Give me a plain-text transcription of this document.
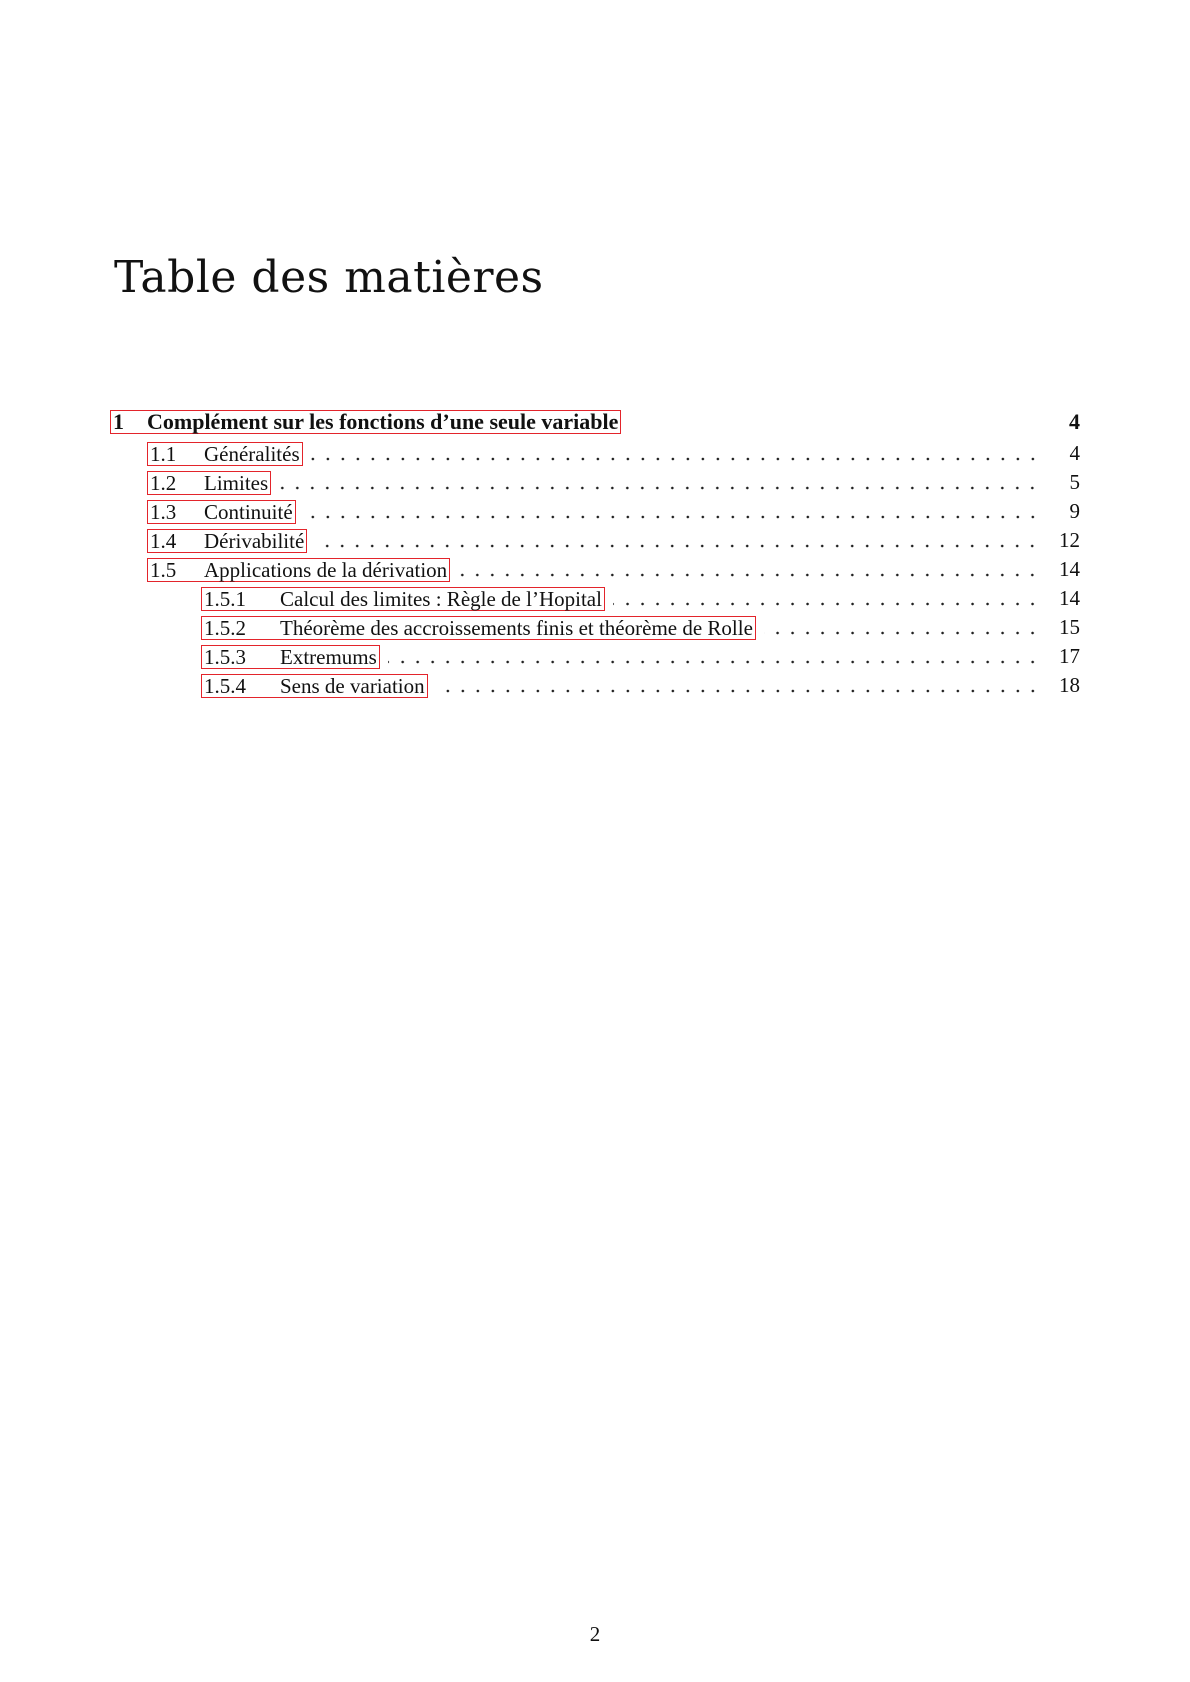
Table des matières
1	Complément sur les fonctions d’une seule variable	4
1.1	Généralités	4
1.2	Limites	5
1.3	Continuité	9
1.4	Dérivabilité	12
1.5	Applications de la dérivation	14
1.5.1	Calcul des limites : Règle de l’Hopital	14
1.5.2	Théorème des accroissements finis et théorème de Rolle	15
1.5.3	Extremums	17
1.5.4	Sens de variation	18
2
